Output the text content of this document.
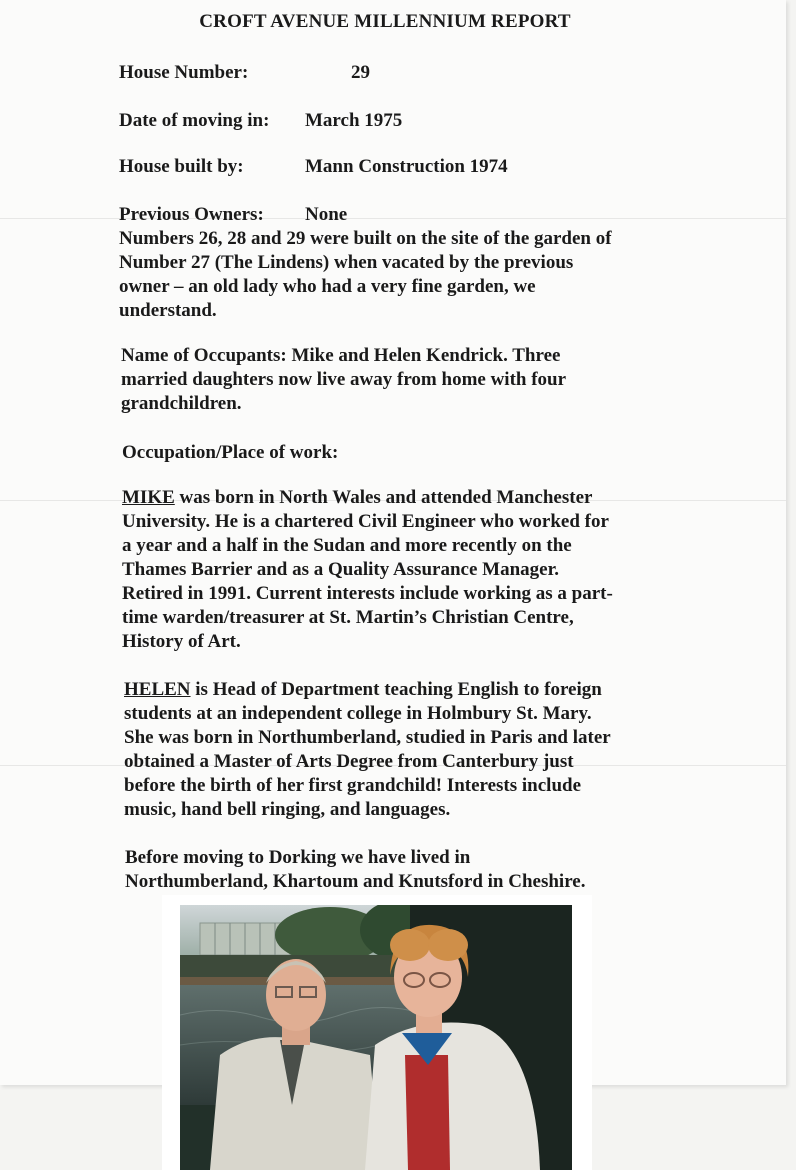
CROFT AVENUE MILLENNIUM REPORT
House Number:	29
Date of moving in: March 1975
House built by:	Mann Construction 1974
Previous Owners: None
Numbers 26, 28 and 29 were built on the site of the garden of
Number 27 (The Lindens) when vacated by the previous
owner – an old lady who had a very fine garden, we
understand.
Name of Occupants: Mike and Helen Kendrick. Three
married daughters now live away from home with four
grandchildren.
Occupation/Place of work:
MIKE was born in North Wales and attended Manchester
University. He is a chartered Civil Engineer who worked for
a year and a half in the Sudan and more recently on the
Thames Barrier and as a Quality Assurance Manager.
Retired in 1991. Current interests include working as a part-
time warden/treasurer at St. Martin’s Christian Centre,
History of Art.
HELEN is Head of Department teaching English to foreign
students at an independent college in Holmbury St. Mary.
She was born in Northumberland, studied in Paris and later
obtained a Master of Arts Degree from Canterbury just
before the birth of her first grandchild! Interests include
music, hand bell ringing, and languages.
Before moving to Dorking we have lived in
Northumberland, Khartoum and Knutsford in Cheshire.
